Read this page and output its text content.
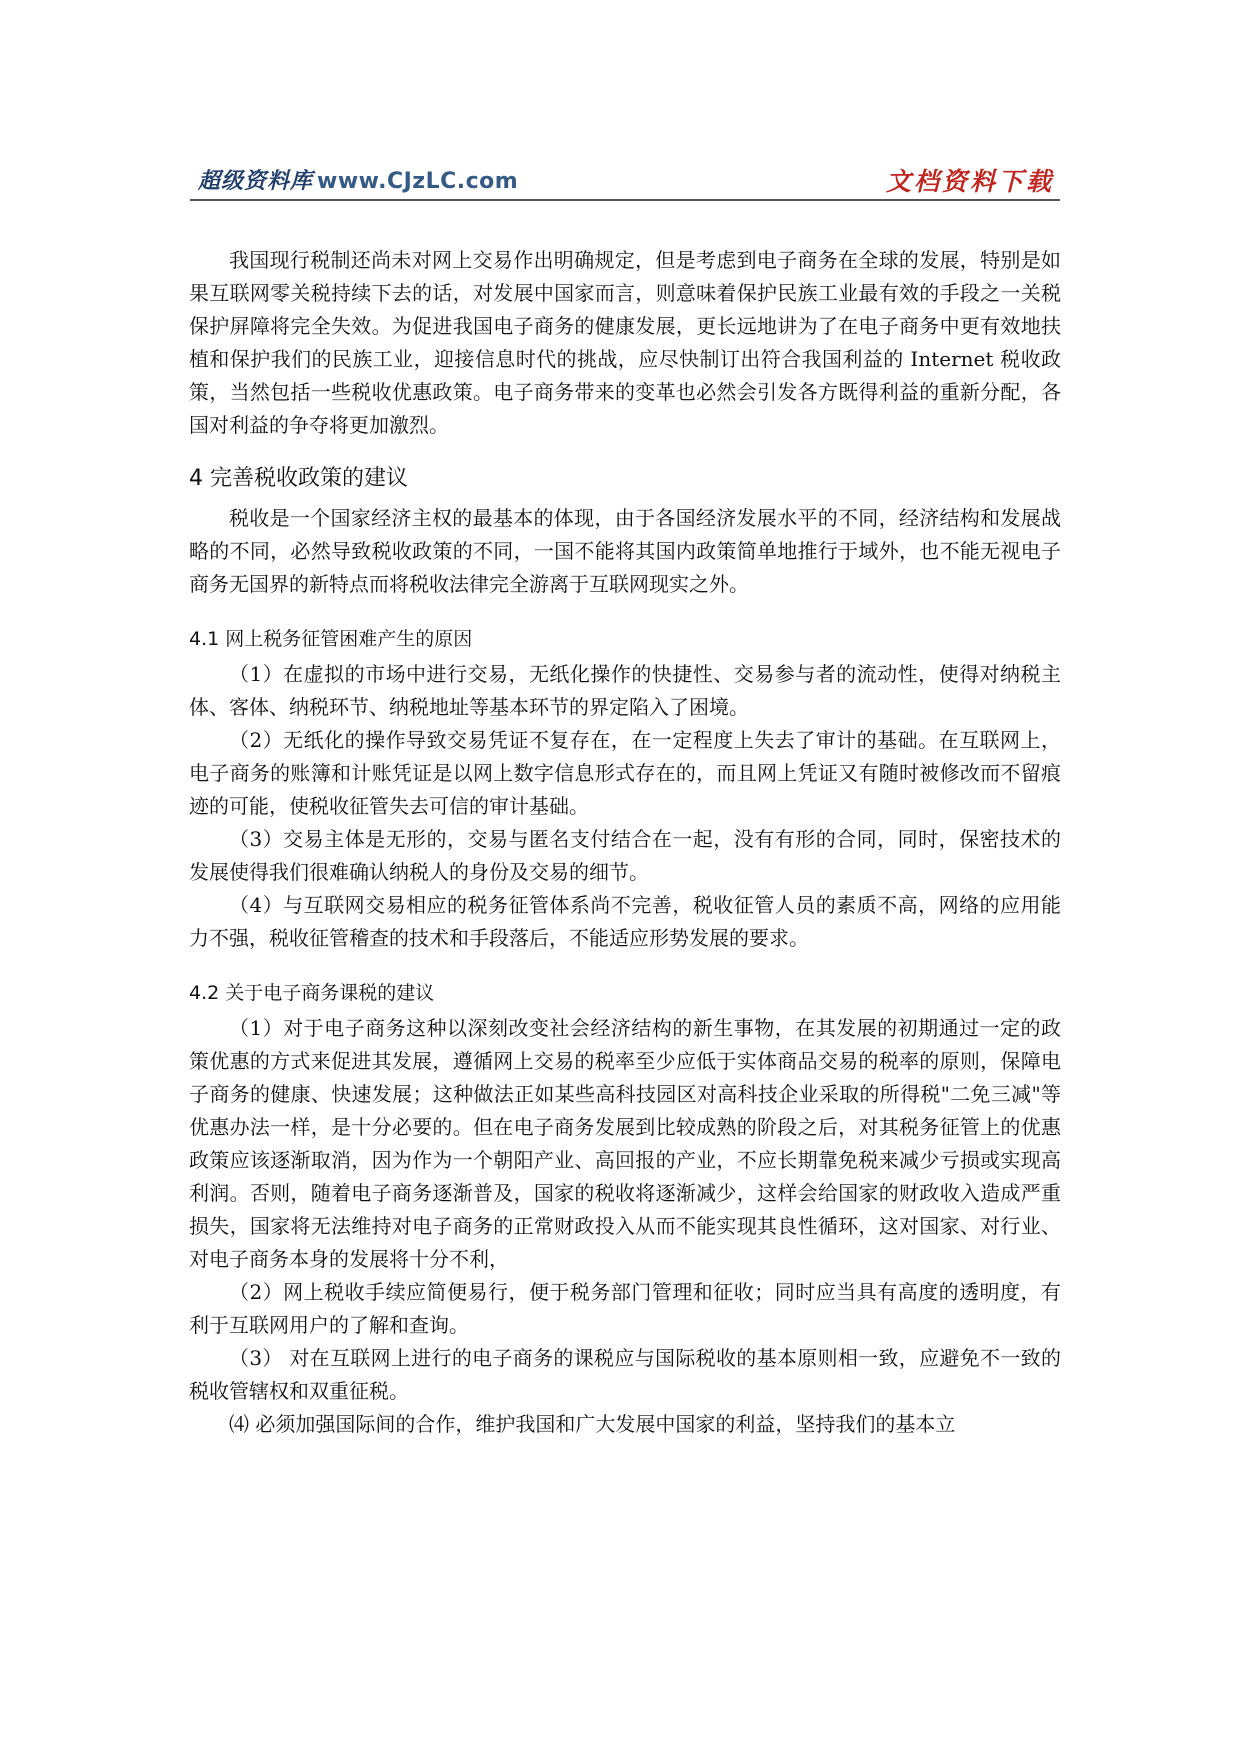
超级资料库 www.CJzLC.com	文档资料下载

我国现行税制还尚未对网上交易作出明确规定，但是考虑到电子商务在全球的发展，特别是如果互联网零关税持续下去的话，对发展中国家而言，则意味着保护民族工业最有效的手段之一关税保护屏障将完全失效。为促进我国电子商务的健康发展，更长远地讲为了在电子商务中更有效地扶植和保护我们的民族工业，迎接信息时代的挑战，应尽快制订出符合我国利益的 Internet 税收政策，当然包括一些税收优惠政策。电子商务带来的变革也必然会引发各方既得利益的重新分配，各国对利益的争夺将更加激烈。

4 完善税收政策的建议

税收是一个国家经济主权的最基本的体现，由于各国经济发展水平的不同，经济结构和发展战略的不同，必然导致税收政策的不同，一国不能将其国内政策简单地推行于域外，也不能无视电子商务无国界的新特点而将税收法律完全游离于互联网现实之外。

4.1 网上税务征管困难产生的原因

（1）在虚拟的市场中进行交易，无纸化操作的快捷性、交易参与者的流动性，使得对纳税主体、客体、纳税环节、纳税地址等基本环节的界定陷入了困境。

（2）无纸化的操作导致交易凭证不复存在，在一定程度上失去了审计的基础。在互联网上，电子商务的账簿和计账凭证是以网上数字信息形式存在的，而且网上凭证又有随时被修改而不留痕迹的可能，使税收征管失去可信的审计基础。

（3）交易主体是无形的，交易与匿名支付结合在一起，没有有形的合同，同时，保密技术的发展使得我们很难确认纳税人的身份及交易的细节。

（4）与互联网交易相应的税务征管体系尚不完善，税收征管人员的素质不高，网络的应用能力不强，税收征管稽查的技术和手段落后，不能适应形势发展的要求。

4.2 关于电子商务课税的建议

（1）对于电子商务这种以深刻改变社会经济结构的新生事物，在其发展的初期通过一定的政策优惠的方式来促进其发展，遵循网上交易的税率至少应低于实体商品交易的税率的原则，保障电子商务的健康、快速发展；这种做法正如某些高科技园区对高科技企业采取的所得税"二免三减"等优惠办法一样，是十分必要的。但在电子商务发展到比较成熟的阶段之后，对其税务征管上的优惠政策应该逐渐取消，因为作为一个朝阳产业、高回报的产业，不应长期靠免税来减少亏损或实现高利润。否则，随着电子商务逐渐普及，国家的税收将逐渐减少，这样会给国家的财政收入造成严重损失，国家将无法维持对电子商务的正常财政投入从而不能实现其良性循环，这对国家、对行业、对电子商务本身的发展将十分不利，

（2）网上税收手续应简便易行，便于税务部门管理和征收；同时应当具有高度的透明度，有利于互联网用户的了解和查询。

（3） 对在互联网上进行的电子商务的课税应与国际税收的基本原则相一致，应避免不一致的税收管辖权和双重征税。

⑷ 必须加强国际间的合作，维护我国和广大发展中国家的利益，坚持我们的基本立
